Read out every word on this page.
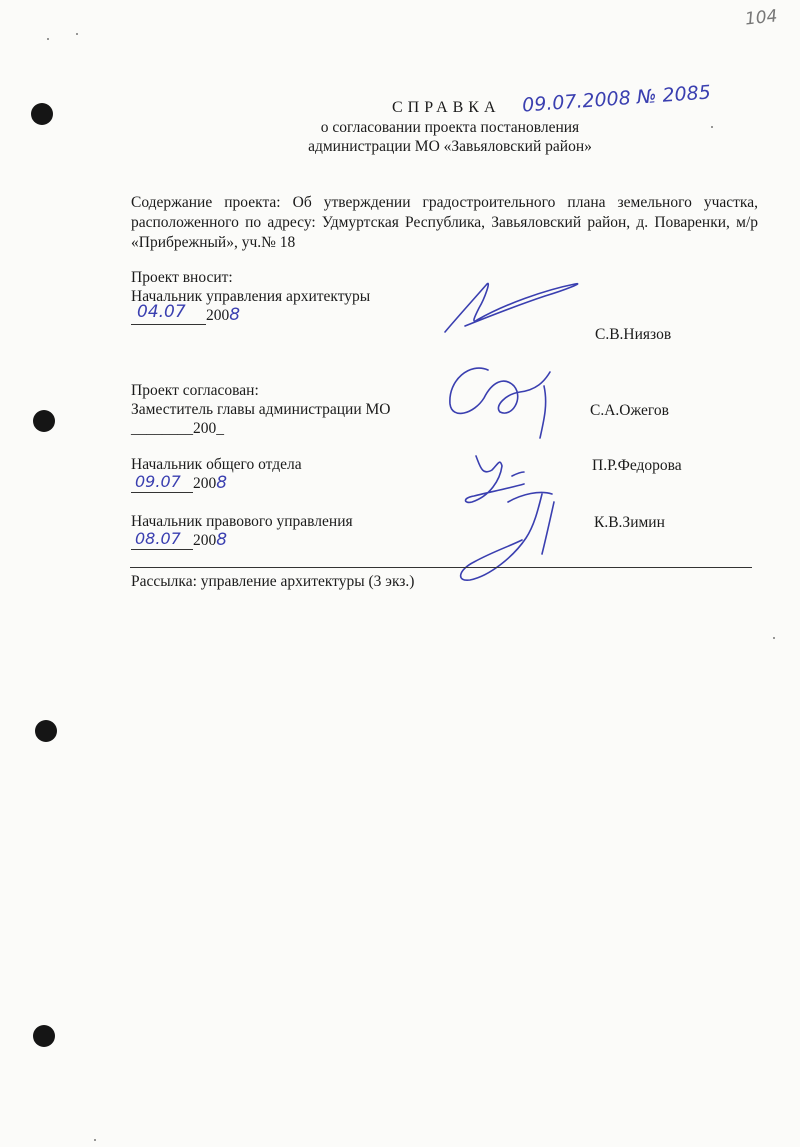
104
СПРАВКА 09.07.2008 № 2085
о согласовании проекта постановления
администрации МО «Завьяловский район»
Содержание проекта: Об утверждении градостроительного плана земельного участка, расположенного по адресу: Удмуртская Республика, Завьяловский район, д. Поваренки, м/р «Прибрежный», уч.№ 18
Проект вносит:
Начальник управления архитектуры
04.07 2008
С.В.Ниязов
Проект согласован:
Заместитель главы администрации МО
________200_
С.А.Ожегов
Начальник общего отдела
09.07 2008
П.Р.Федорова
Начальник правового управления
08.07 2008
К.В.Зимин
Рассылка: управление архитектуры (3 экз.)
